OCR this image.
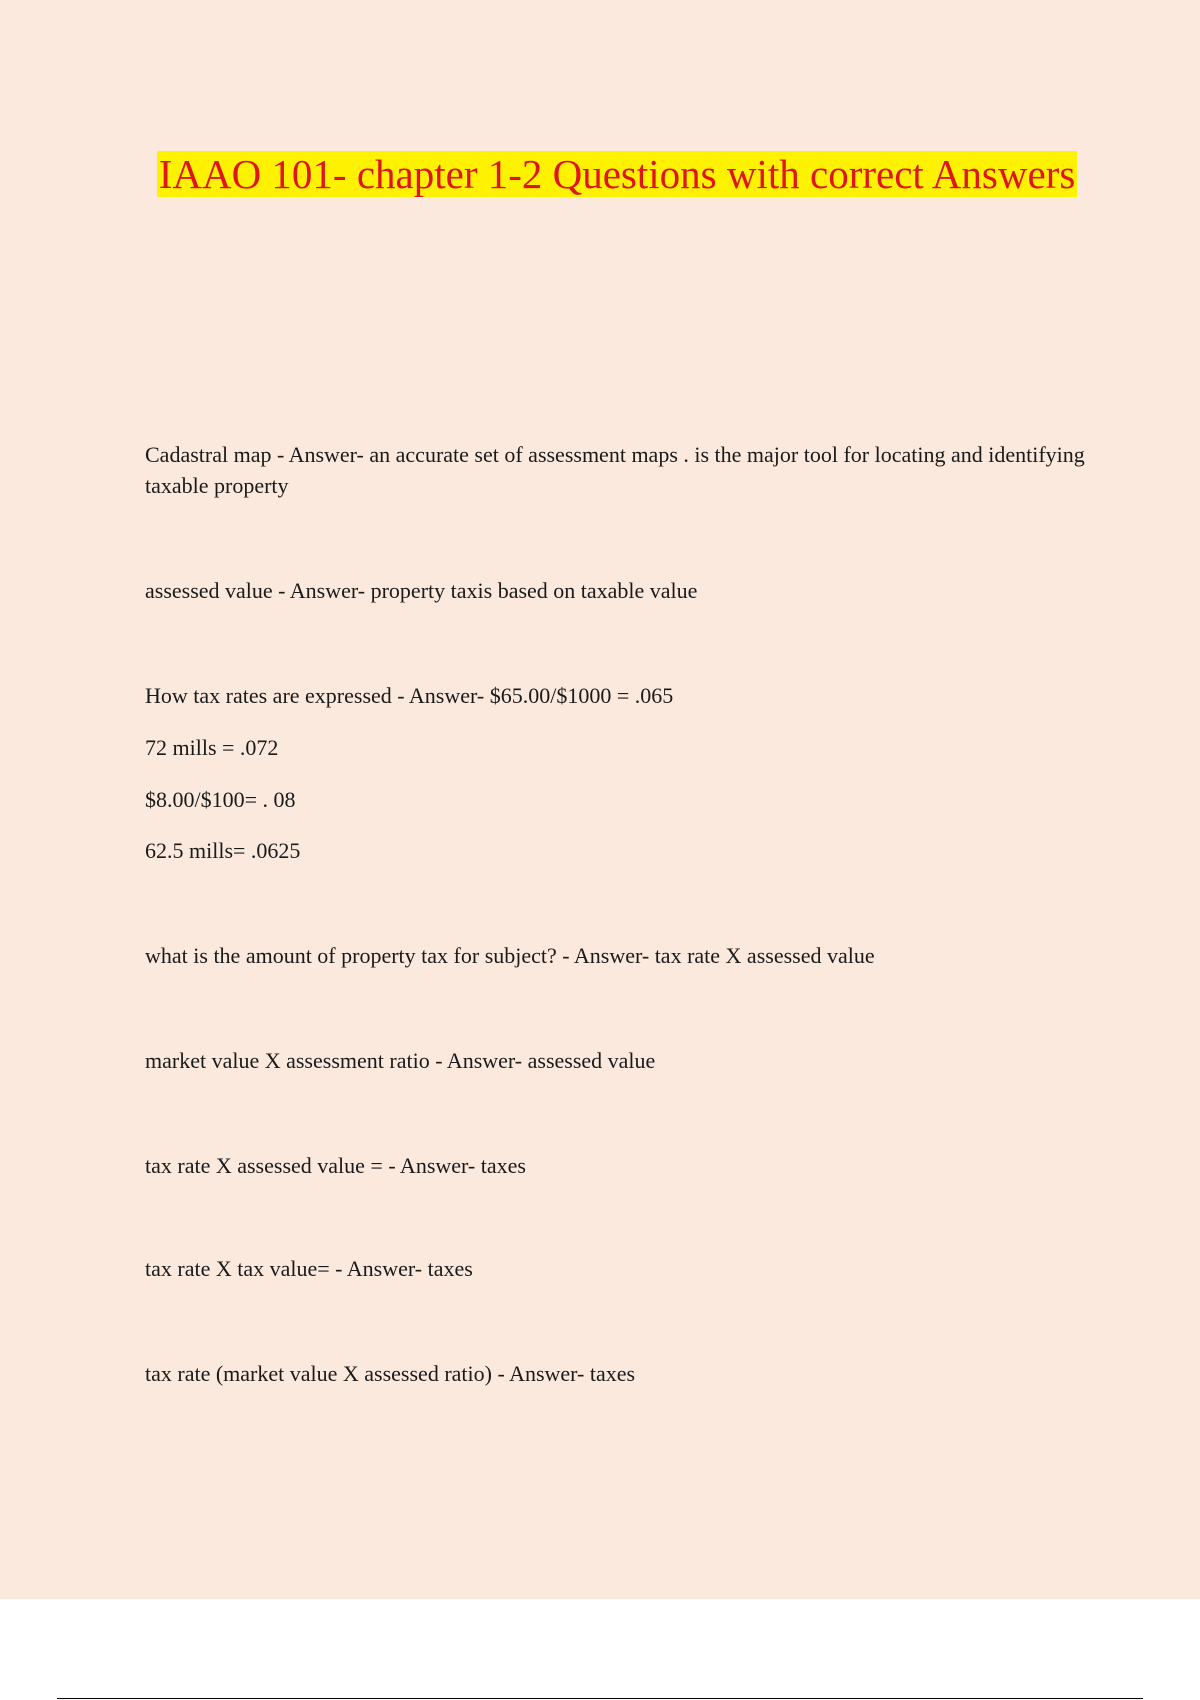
IAAO 101- chapter 1-2 Questions with correct Answers
Cadastral map - Answer- an accurate set of assessment maps . is the major tool for locating and identifying taxable property
assessed value - Answer- property taxis based on taxable value
How tax rates are expressed - Answer- $65.00/$1000 = .065
72 mills = .072
$8.00/$100= . 08
62.5 mills= .0625
what is the amount of property tax for subject? - Answer- tax rate X assessed value
market value X assessment ratio - Answer- assessed value
tax rate X assessed value = - Answer- taxes
tax rate X tax value= - Answer- taxes
tax rate (market value X assessed ratio) - Answer- taxes
